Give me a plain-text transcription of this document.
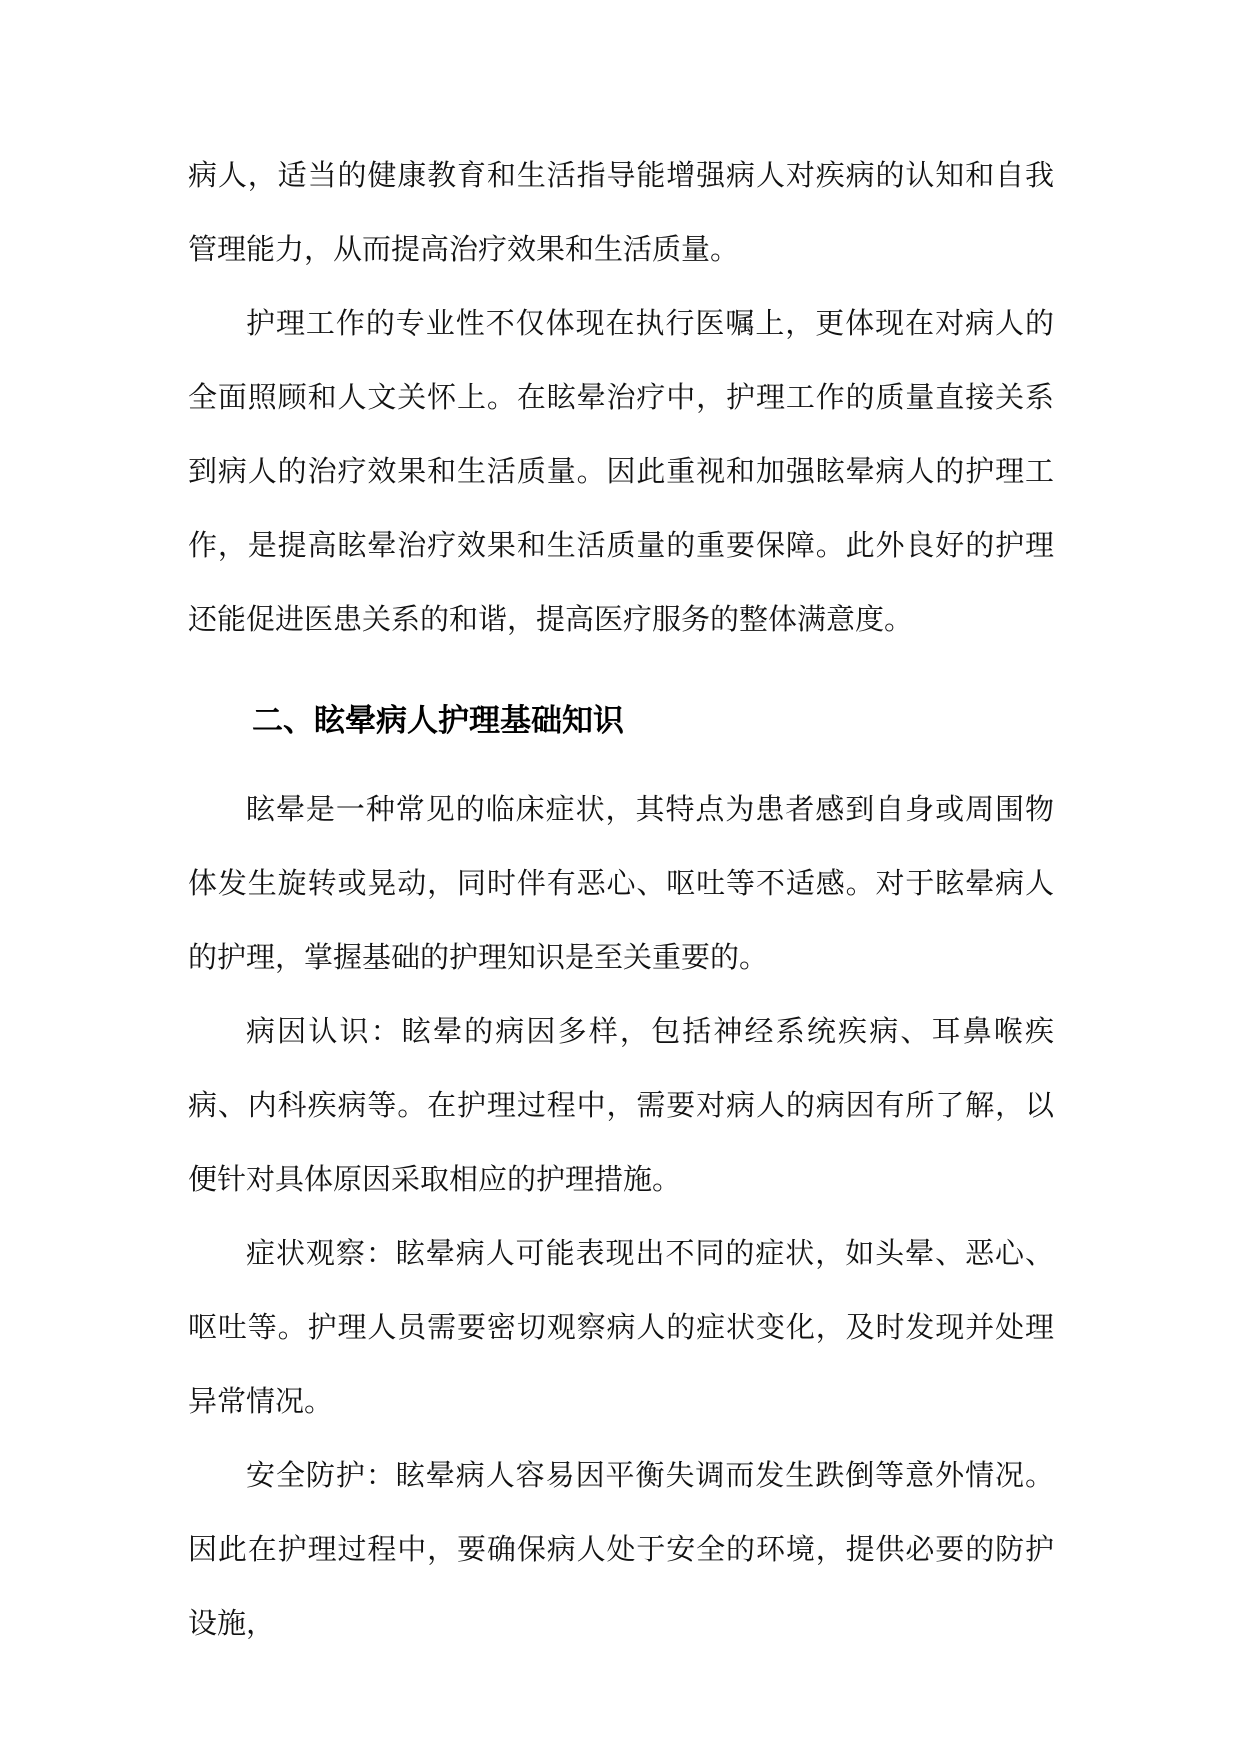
病人，适当的健康教育和生活指导能增强病人对疾病的认知和自我管理能力，从而提高治疗效果和生活质量。

护理工作的专业性不仅体现在执行医嘱上，更体现在对病人的全面照顾和人文关怀上。在眩晕治疗中，护理工作的质量直接关系到病人的治疗效果和生活质量。因此重视和加强眩晕病人的护理工作，是提高眩晕治疗效果和生活质量的重要保障。此外良好的护理还能促进医患关系的和谐，提高医疗服务的整体满意度。

二、眩晕病人护理基础知识

眩晕是一种常见的临床症状，其特点为患者感到自身或周围物体发生旋转或晃动，同时伴有恶心、呕吐等不适感。对于眩晕病人的护理，掌握基础的护理知识是至关重要的。

病因认识：眩晕的病因多样，包括神经系统疾病、耳鼻喉疾病、内科疾病等。在护理过程中，需要对病人的病因有所了解，以便针对具体原因采取相应的护理措施。

症状观察：眩晕病人可能表现出不同的症状，如头晕、恶心、呕吐等。护理人员需要密切观察病人的症状变化，及时发现并处理异常情况。

安全防护：眩晕病人容易因平衡失调而发生跌倒等意外情况。因此在护理过程中，要确保病人处于安全的环境，提供必要的防护设施，
